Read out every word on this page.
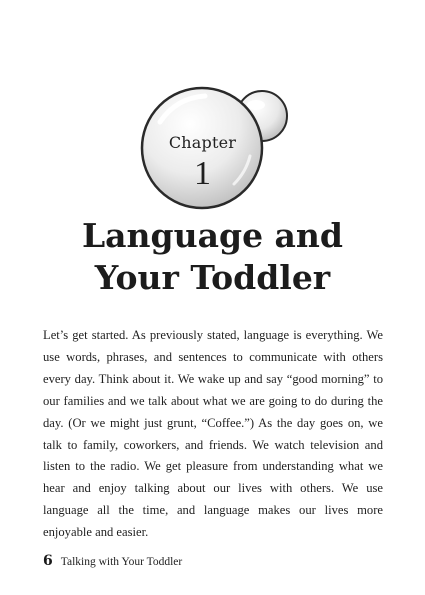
Chapter
1
Language and
Your Toddler

Let’s get started. As previously stated, language is everything. We use words, phrases, and sentences to communicate with others every day. Think about it. We wake up and say “good morning” to our families and we talk about what we are going to do during the day. (Or we might just grunt, “Coffee.”) As the day goes on, we talk to family, coworkers, and friends. We watch television and listen to the radio. We get pleasure from understanding what we hear and enjoy talking about our lives with others. We use language all the time, and language makes our lives more enjoyable and easier.

6 Talking with Your Toddler
